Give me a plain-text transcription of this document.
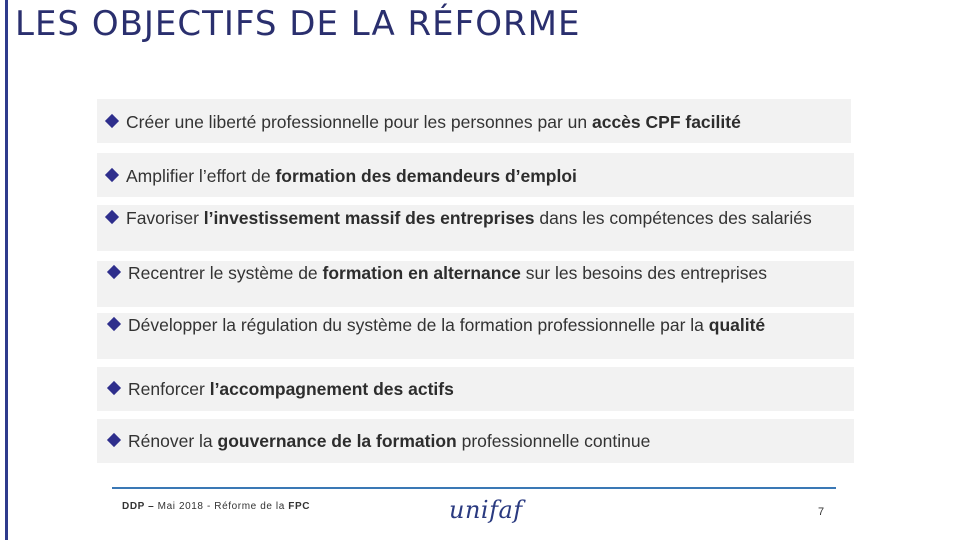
LES OBJECTIFS DE LA RÉFORME
Créer une liberté professionnelle pour les personnes par un accès CPF facilité
Amplifier l’effort de formation des demandeurs d’emploi
Favoriser l’investissement massif des entreprises dans les compétences des salariés
Recentrer le système de formation en alternance sur les besoins des entreprises
Développer la régulation du système de la formation professionnelle par la qualité
Renforcer l’accompagnement des actifs
Rénover la gouvernance de la formation professionnelle continue
DDP – Mai 2018 - Réforme de la FPC	unifaf	7
